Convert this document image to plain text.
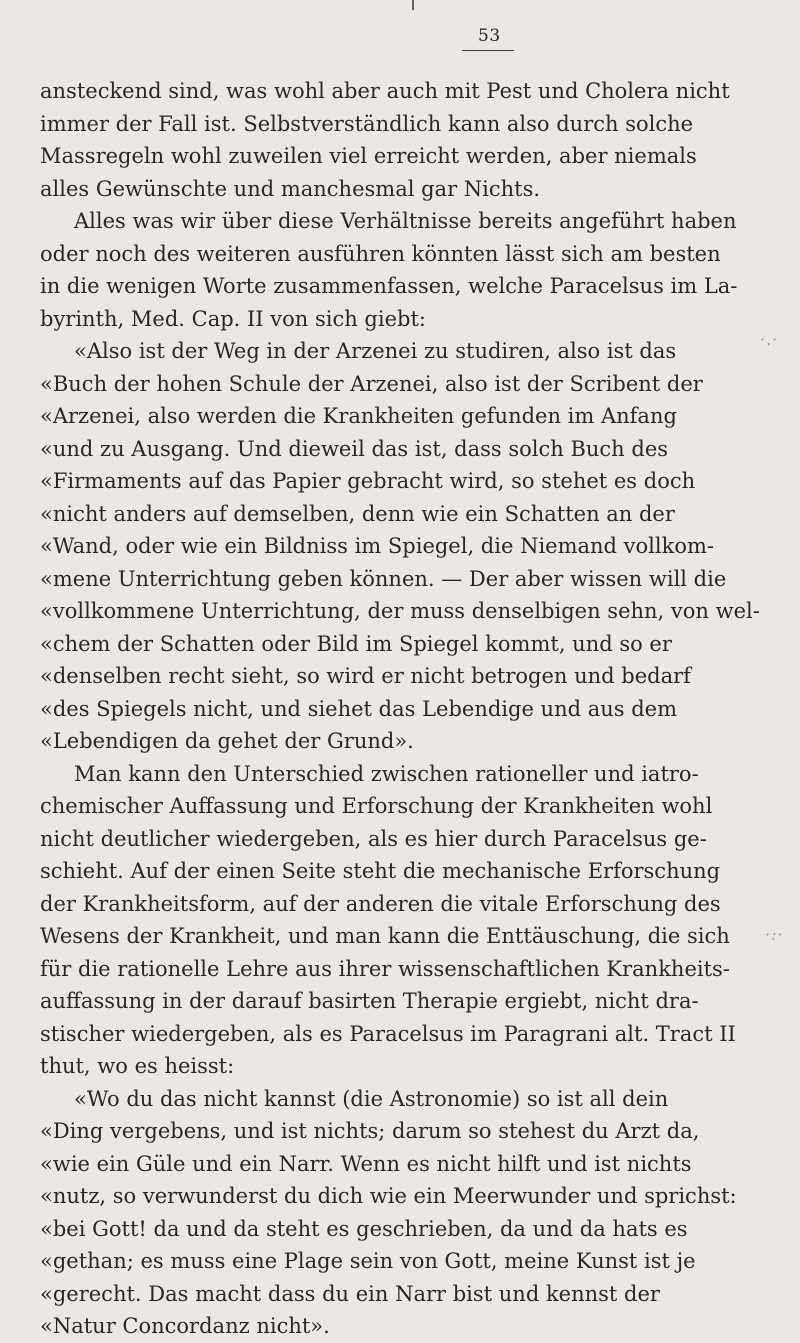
53
·.·
·:·
ansteckend sind, was wohl aber auch mit Pest und Cholera nicht
immer der Fall ist. Selbstverständlich kann also durch solche
Massregeln wohl zuweilen viel erreicht werden, aber niemals
alles Gewünschte und manchesmal gar Nichts.
Alles was wir über diese Verhältnisse bereits angeführt haben
oder noch des weiteren ausführen könnten lässt sich am besten
in die wenigen Worte zusammenfassen, welche Paracelsus im La-
byrinth, Med. Cap. II von sich giebt:
«Also ist der Weg in der Arzenei zu studiren, also ist das
«Buch der hohen Schule der Arzenei, also ist der Scribent der
«Arzenei, also werden die Krankheiten gefunden im Anfang
«und zu Ausgang. Und dieweil das ist, dass solch Buch des
«Firmaments auf das Papier gebracht wird, so stehet es doch
«nicht anders auf demselben, denn wie ein Schatten an der
«Wand, oder wie ein Bildniss im Spiegel, die Niemand vollkom-
«mene Unterrichtung geben können. — Der aber wissen will die
«vollkommene Unterrichtung, der muss denselbigen sehn, von wel-
«chem der Schatten oder Bild im Spiegel kommt, und so er
«denselben recht sieht, so wird er nicht betrogen und bedarf
«des Spiegels nicht, und siehet das Lebendige und aus dem
«Lebendigen da gehet der Grund».
Man kann den Unterschied zwischen rationeller und iatro-
chemischer Auffassung und Erforschung der Krankheiten wohl
nicht deutlicher wiedergeben, als es hier durch Paracelsus ge-
schieht. Auf der einen Seite steht die mechanische Erforschung
der Krankheitsform, auf der anderen die vitale Erforschung des
Wesens der Krankheit, und man kann die Enttäuschung, die sich
für die rationelle Lehre aus ihrer wissenschaftlichen Krankheits-
auffassung in der darauf basirten Therapie ergiebt, nicht dra-
stischer wiedergeben, als es Paracelsus im Paragrani alt. Tract II
thut, wo es heisst:
«Wo du das nicht kannst (die Astronomie) so ist all dein
«Ding vergebens, und ist nichts; darum so stehest du Arzt da,
«wie ein Güle und ein Narr. Wenn es nicht hilft und ist nichts
«nutz, so verwunderst du dich wie ein Meerwunder und sprichst:
«bei Gott! da und da steht es geschrieben, da und da hats es
«gethan; es muss eine Plage sein von Gott, meine Kunst ist je
«gerecht. Das macht dass du ein Narr bist und kennst der
«Natur Concordanz nicht».
